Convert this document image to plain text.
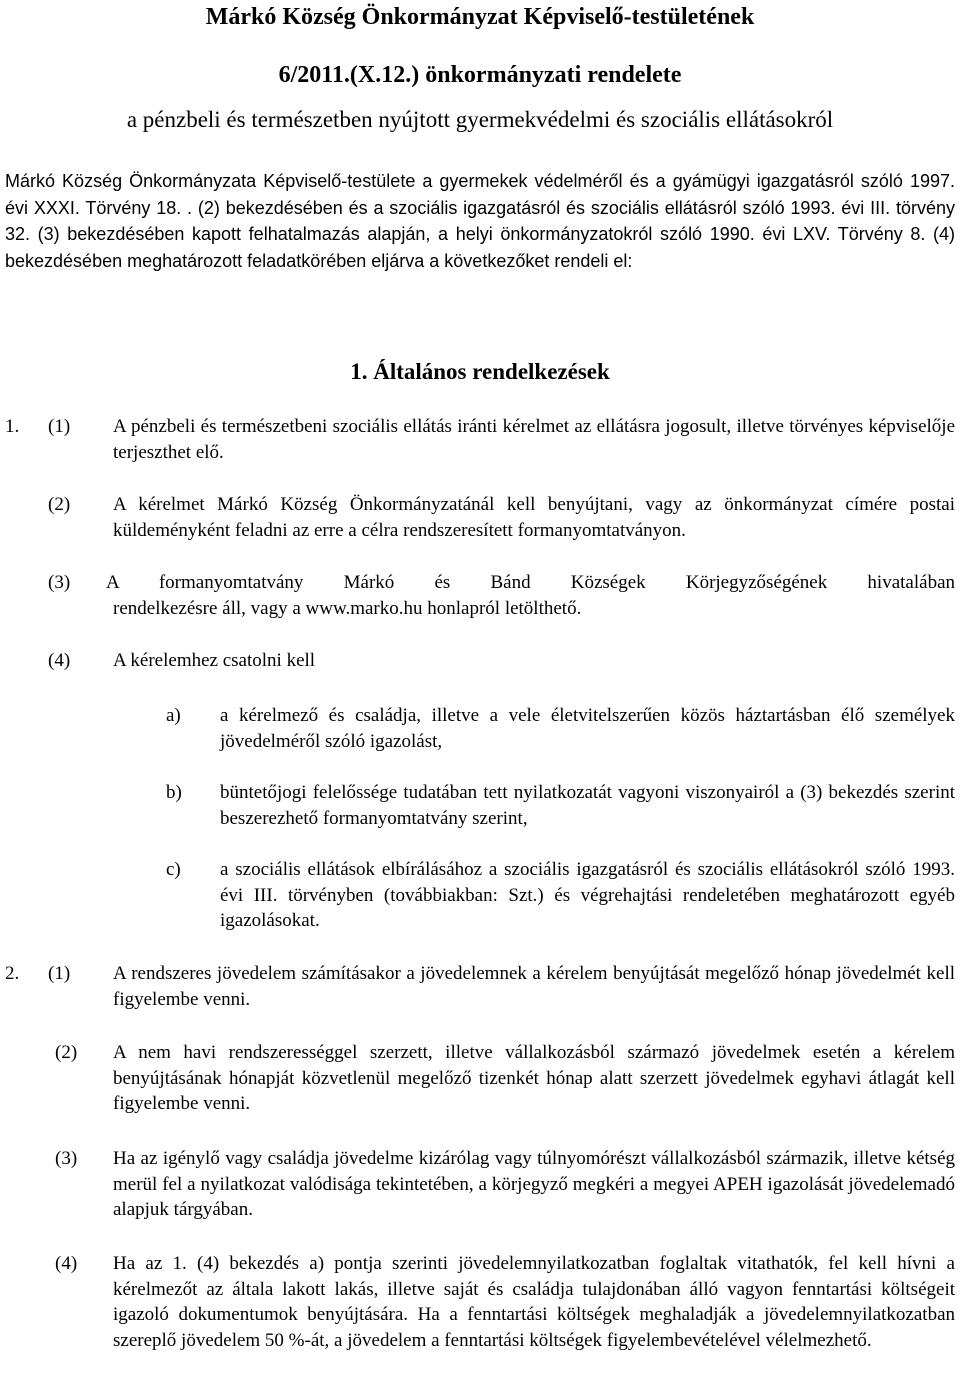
Márkó Község Önkormányzat Képviselő-testületének
6/2011.(X.12.) önkormányzati rendelete
a pénzbeli és természetben nyújtott gyermekvédelmi és szociális ellátásokról
Márkó Község Önkormányzata Képviselő-testülete a gyermekek védelméről és a gyámügyi igazgatásról szóló 1997. évi XXXI. Törvény 18. . (2) bekezdésében és a szociális igazgatásról és szociális ellátásról szóló 1993. évi III. törvény 32. (3) bekezdésében kapott felhatalmazás alapján, a helyi önkormányzatokról szóló 1990. évi LXV. Törvény 8. (4) bekezdésében meghatározott feladatkörében eljárva a következőket rendeli el:
1. Általános rendelkezések
1. (1) A pénzbeli és természetbeni szociális ellátás iránti kérelmet az ellátásra jogosult, illetve törvényes képviselője terjeszthet elő.
(2) A kérelmet Márkó Község Önkormányzatánál kell benyújtani, vagy az önkormányzat címére postai küldeményként feladni az erre a célra rendszeresített formanyomtatványon.
(3) A formanyomtatvány Márkó és Bánd Községek Körjegyzőségének hivatalában
rendelkezésre áll, vagy a www.marko.hu honlapról letölthető.
(4) A kérelemhez csatolni kell
a) a kérelmező és családja, illetve a vele életvitelszerűen közös háztartásban élő személyek jövedelméről szóló igazolást,
b) büntetőjogi felelőssége tudatában tett nyilatkozatát vagyoni viszonyairól a (3) bekezdés szerint beszerezhető formanyomtatvány szerint,
c) a szociális ellátások elbírálásához a szociális igazgatásról és szociális ellátásokról szóló 1993. évi III. törvényben (továbbiakban: Szt.) és végrehajtási rendeletében meghatározott egyéb igazolásokat.
2. (1) A rendszeres jövedelem számításakor a jövedelemnek a kérelem benyújtását megelőző hónap jövedelmét kell figyelembe venni.
(2) A nem havi rendszerességgel szerzett, illetve vállalkozásból származó jövedelmek esetén a kérelem benyújtásának hónapját közvetlenül megelőző tizenkét hónap alatt szerzett jövedelmek egyhavi átlagát kell figyelembe venni.
(3) Ha az igénylő vagy családja jövedelme kizárólag vagy túlnyomórészt vállalkozásból származik, illetve kétség merül fel a nyilatkozat valódisága tekintetében, a körjegyző megkéri a megyei APEH igazolását jövedelemadó alapjuk tárgyában.
(4) Ha az 1. (4) bekezdés a) pontja szerinti jövedelemnyilatkozatban foglaltak vitathatók, fel kell hívni a kérelmezőt az általa lakott lakás, illetve saját és családja tulajdonában álló vagyon fenntartási költségeit igazoló dokumentumok benyújtására. Ha a fenntartási költségek meghaladják a jövedelemnyilatkozatban szereplő jövedelem 50 %-át, a jövedelem a fenntartási költségek figyelembevételével vélelmezhető.
